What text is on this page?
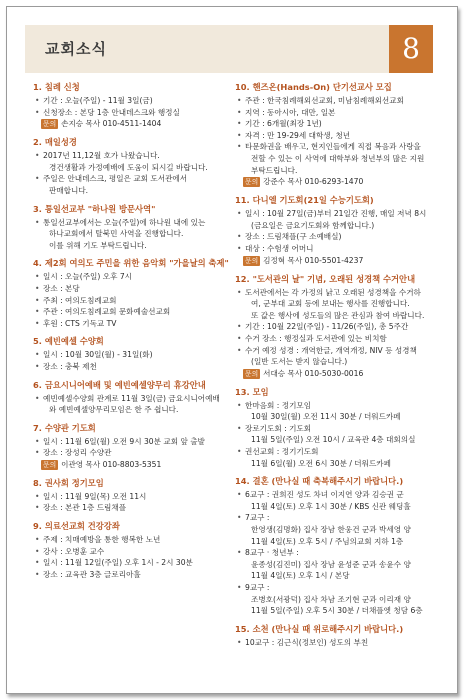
교회소식	8
1. 침례 신청
• 기간 : 오늘(주일) - 11월 3일(금)
• 신청장소 : 본당 1층 안내데스크와 행정실
문의 손지승 목사 010-4511-1404
2. 매일성경
• 2017년 11,12월 호가 나왔습니다.
경건생활과 가정예배에 도움이 되시길 바랍니다.
• 주일은 안내데스크, 평일은 교회 도서관에서
판매합니다.
3. 통일선교부 "하나원 방문사역"
• 통일선교부에서는 오늘(주일)에 하나원 내에 있는
하나교회에서 탈북민 사역을 진행합니다.
이를 위해 기도 부탁드립니다.
4. 제2회 여의도 주민을 위한 음악회 "가을날의 축제"
• 일시 : 오늘(주일) 오후 7시
• 장소 : 본당
• 주최 : 여의도침례교회
• 주관 : 여의도침례교회 문화예술선교회
• 후원 : CTS 기독교 TV
5. 예빈예셀 수양회
• 일시 : 10월 30일(월) - 31일(화)
• 장소 : 충북 제천
6. 금요시니어예배 및 예빈예셀양무리 휴강안내
• 예빈예셀수양회 관계로 11월 3일(금) 금요시니어예배
와 예빈예셀양무리모임은 한 주 쉽니다.
7. 수양관 기도회
• 일시 : 11월 6일(월) 오전 9시 30분 교회 앞 출발
• 장소 : 장성리 수양관
문의 이관영 목사 010-8803-5351
8. 권사회 정기모임
• 일시 : 11월 9일(목) 오전 11시
• 장소 : 본관 1층 드림채플
9. 의료선교회 건강강좌
• 주제 : 치매예방을 통한 행복한 노년
• 강사 : 오병훈 교수
• 일시 : 11월 12일(주일) 오후 1시 - 2시 30분
• 장소 : 교육관 3층 글로리아홀
10. 핸즈온(Hands-On) 단기선교사 모집
• 주관 : 한국침례해외선교회, 미남침례해외선교회
• 지역 : 동아시아, 대만, 일본
• 기간 : 6개월(최장 1년)
• 자격 : 만 19-29세 대학생, 청년
• 타문화권을 배우고, 현지인들에게 직접 복음과 사랑을
전할 수 있는 이 사역에 대학부와 청년부의 많은 지원
부탁드립니다.
문의 강준수 목사 010-6293-1470
11. 다니엘 기도회(21일 수능기도회)
• 일시 : 10월 27일(금)부터 21일간 진행, 매일 저녁 8시
(금요일은 금요기도회와 함께합니다.)
• 장소 : 드림채플(구 소예배실)
• 대상 : 수험생 어머니
문의 김정혁 목사 010-5501-4237
12. "도서관의 날" 기념, 오래된 성경책 수거안내
• 도서관에서는 각 가정의 낡고 오래된 성경책을 수거하
여, 군부대 교회 등에 보내는 행사를 진행합니다.
또 값은 행사에 성도들의 많은 관심과 참여 바랍니다.
• 기간 : 10월 22일(주일) - 11/26(주일), 총 5주간
• 수거 장소 : 행정실과 도서관에 있는 비치함
• 수거 예정 성경 : 개역한글, 개역개정, NIV 등 성경책
(일반 도서는 받지 않습니다.)
문의 서대승 목사 010-5030-0016
13. 모임
• 한마음회 : 정기모임
10월 30일(월) 오전 11시 30분 / 더워드카페
• 장로기도회 : 기도회
11월 5일(주일) 오전 10시 / 교육관 4층 대회의실
• 권선교회 : 정기기도회
11월 6일(월) 오전 6시 30분 / 더워드카페
14. 결혼 (만나실 때 축복해주시기 바랍니다.)
• 6교구 : 권희진 성도 차녀 이지연 양과 김승권 군
11월 4일(토) 오후 1시 30분 / KBS 신관 웨딩홀
• 7교구 :
한영생(김명화) 집사 장남 한웅건 군과 박세영 양
11월 4일(토) 오후 5시 / 주님의교회 지하 1층
• 8교구 · 청년부 :
윤종성(김진미) 집사 장남 윤성준 군과 송윤수 양
11월 4일(토) 오후 1시 / 본당
• 9교구 :
조병호(서광덕) 집사 차남 조기현 군과 이리재 양
11월 5일(주일) 오후 5시 30분 / 더채플엣 청담 6층
15. 소천 (만나실 때 위로해주시기 바랍니다.)
• 10교구 : 김근식(정보인) 성도의 부친
